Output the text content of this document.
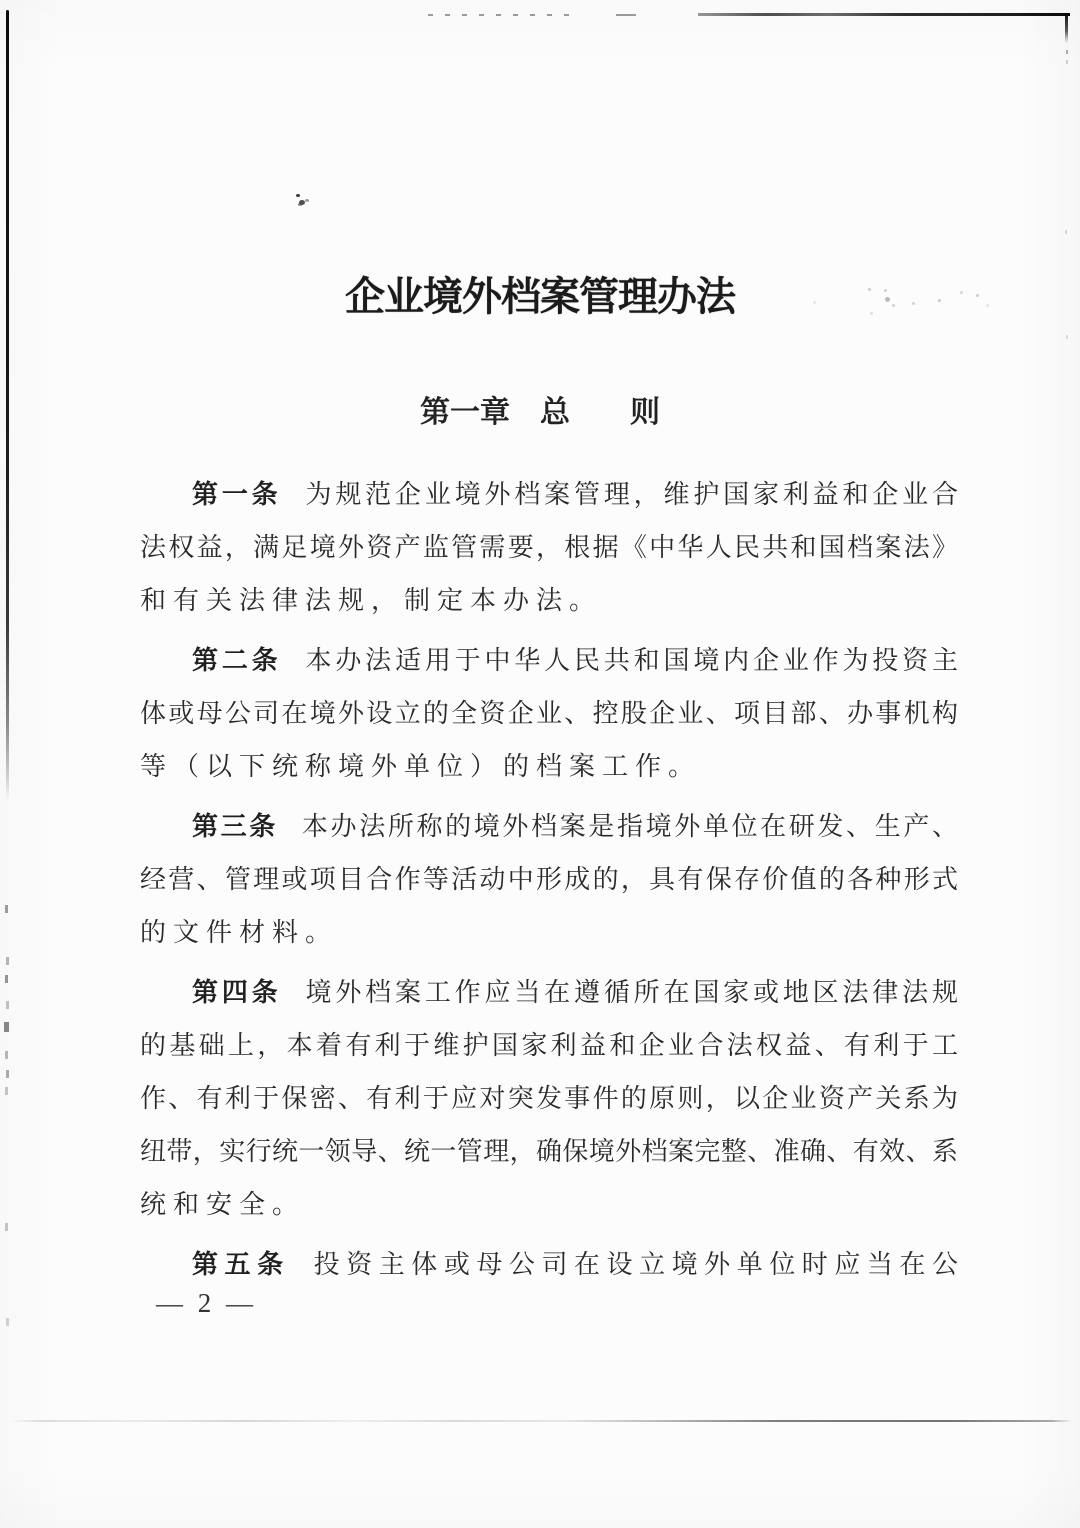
企业境外档案管理办法
第一章　总　　则
第一条 为规范企业境外档案管理，维护国家利益和企业合
法权益，满足境外资产监管需要，根据《中华人民共和国档案法》
和有关法律法规，制定本办法。
第二条 本办法适用于中华人民共和国境内企业作为投资主
体或母公司在境外设立的全资企业、控股企业、项目部、办事机构
等（以下统称境外单位）的档案工作。
第三条 本办法所称的境外档案是指境外单位在研发、生产、
经营、管理或项目合作等活动中形成的，具有保存价值的各种形式
的文件材料。
第四条 境外档案工作应当在遵循所在国家或地区法律法规
的基础上，本着有利于维护国家利益和企业合法权益、有利于工
作、有利于保密、有利于应对突发事件的原则，以企业资产关系为
纽带，实行统一领导、统一管理，确保境外档案完整、准确、有效、系
统和安全。
第五条 投资主体或母公司在设立境外单位时应当在公
— 2 —
